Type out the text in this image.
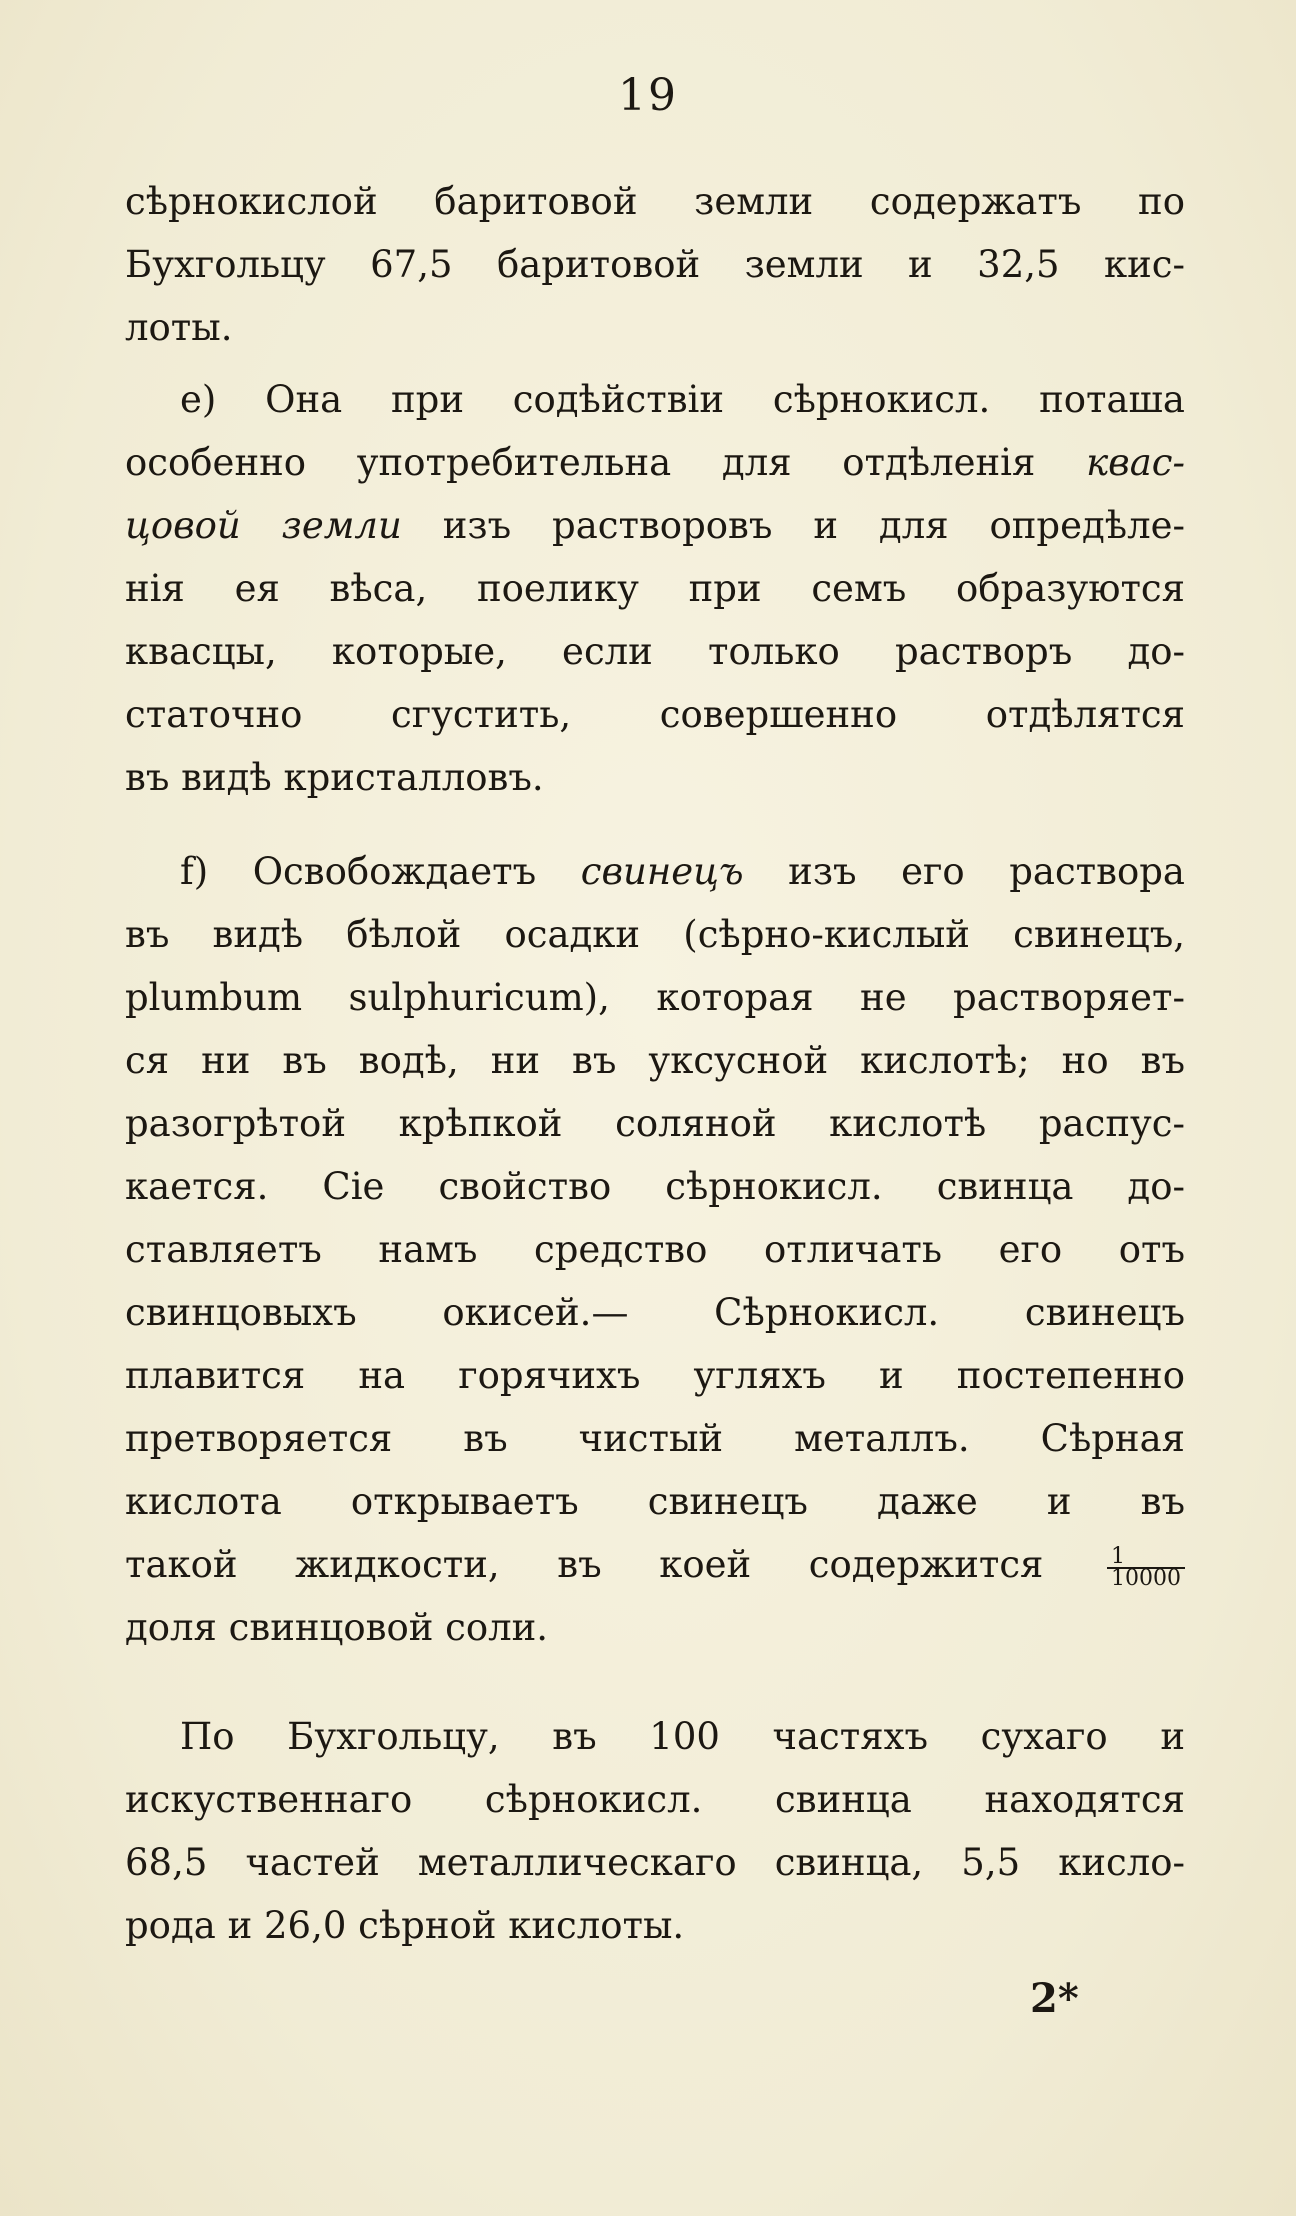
19
сѣрнокислой баритовой земли содержатъ по
Бухгольцу 67,5 баритовой земли и 32,5 кис-
лоты.
e) Она при содѣйствіи сѣрнокисл. поташа
особенно употребительна для отдѣленія квас-
цовой земли изъ растворовъ и для опредѣле-
нія ея вѣса, поелику при семъ образуются
квасцы, которые, если только растворъ до-
статочно сгустить, совершенно отдѣлятся
въ видѣ кристалловъ.
f) Освобождаетъ свинецъ изъ его раствора
въ видѣ бѣлой осадки (сѣрно-кислый свинецъ,
plumbum sulphuricum), которая не растворяет-
ся ни въ водѣ, ни въ уксусной кислотѣ; но въ
разогрѣтой крѣпкой соляной кислотѣ распус-
кается. Сіе свойство сѣрнокисл. свинца до-
ставляетъ намъ средство отличать его отъ
свинцовыхъ окисей.— Сѣрнокисл. свинецъ
плавится на горячихъ угляхъ и постепенно
претворяется въ чистый металлъ. Сѣрная
кислота открываетъ свинецъ даже и въ
такой жидкости, въ коей содержится	$\frac{1}{10000}$
доля свинцовой соли.
По Бухгольцу, въ 100 частяхъ сухаго и
искуственнаго сѣрнокисл. свинца находятся
68,5 частей металлическаго свинца, 5,5 кисло-
рода и 26,0 сѣрной кислоты.
2*
